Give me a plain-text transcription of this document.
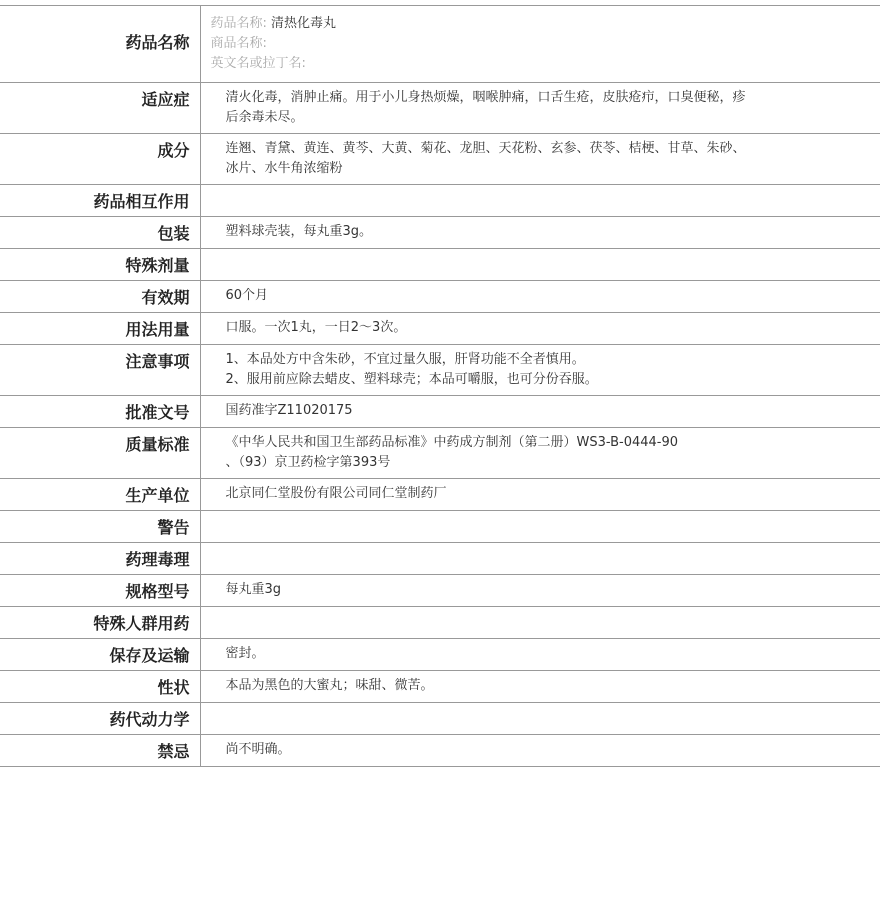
药品名称	药品名称: 清热化毒丸
商品名称:
英文名或拉丁名:

适应症	清火化毒，消肿止痛。用于小儿身热烦燥，咽喉肿痛，口舌生疮，皮肤疮疖，口臭便秘，疹
后余毒未尽。

成分	连翘、青黛、黄连、黄芩、大黄、菊花、龙胆、天花粉、玄参、茯苓、桔梗、甘草、朱砂、
冰片、水牛角浓缩粉

药品相互作用	

包装	塑料球壳装，每丸重3g。

特殊剂量	

有效期	60个月

用法用量	口服。一次1丸，一日2～3次。

注意事项	1、本品处方中含朱砂，不宜过量久服，肝肾功能不全者慎用。
2、服用前应除去蜡皮、塑料球壳；本品可嚼服，也可分份吞服。

批准文号	国药准字Z11020175

质量标准	《中华人民共和国卫生部药品标准》中药成方制剂（第二册）WS3-B-0444-90
、（93）京卫药检字第393号

生产单位	北京同仁堂股份有限公司同仁堂制药厂

警告	

药理毒理	

规格型号	每丸重3g

特殊人群用药	

保存及运输	密封。

性状	本品为黑色的大蜜丸；味甜、微苦。

药代动力学	

禁忌	尚不明确。
